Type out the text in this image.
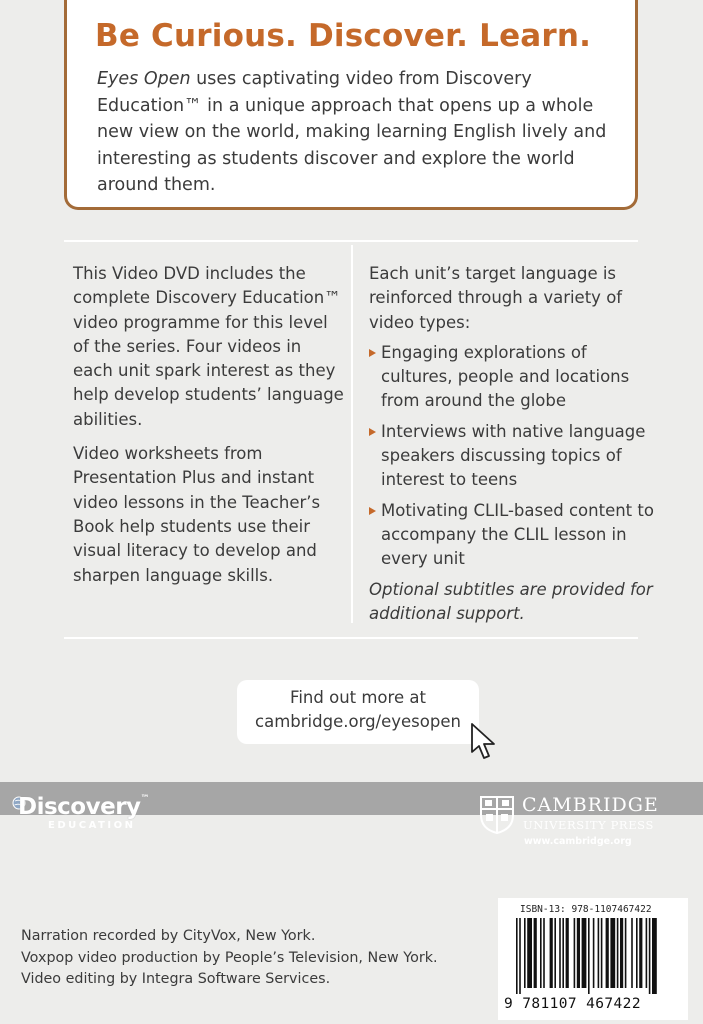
Be Curious. Discover. Learn.

Eyes Open uses captivating video from Discovery Education™ in a unique approach that opens up a whole new view on the world, making learning English lively and interesting as students discover and explore the world around them.

This Video DVD includes the complete Discovery Education™ video programme for this level of the series. Four videos in each unit spark interest as they help develop students’ language abilities.

Video worksheets from Presentation Plus and instant video lessons in the Teacher’s Book help students use their visual literacy to develop and sharpen language skills.

Each unit’s target language is reinforced through a variety of video types:

Engaging explorations of cultures, people and locations from around the globe
Interviews with native language speakers discussing topics of interest to teens
Motivating CLIL-based content to accompany the CLIL lesson in every unit

Optional subtitles are provided for additional support.

Find out more at
cambridge.org/eyesopen

Discovery™

EDUCATION

CAMBRIDGE

UNIVERSITY PRESS

www.cambridge.org

Narration recorded by CityVox, New York.
Voxpop video production by People’s Television, New York.
Video editing by Integra Software Services.

ISBN-13: 978-1107467422

9 781107 467422
